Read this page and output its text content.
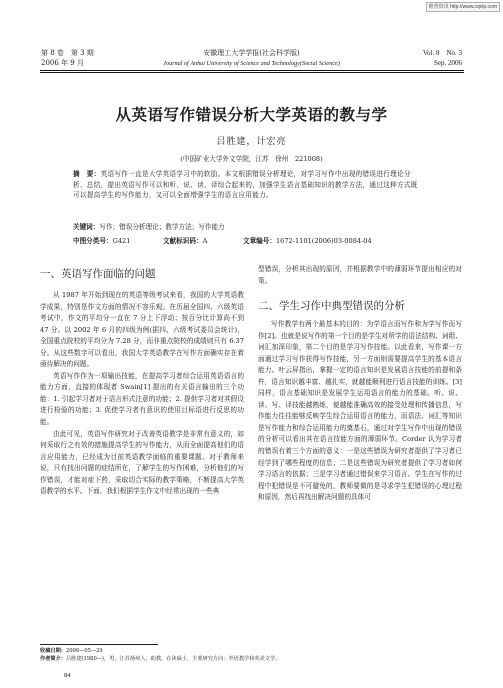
维普资讯 http://www.cqvip.com
第 8 卷　第 3 期
2006 年 9 月
安徽理工大学学报(社会科学版)
Journal of Anhui University of Science and Technology(Social Science)
Vol. 8　No. 3
Sep. 2006
从英语写作错误分析大学英语的教与学
吕胜建，计宏亮
(中国矿业大学外文学院，江苏　徐州　221008)
摘　要：英语写作一直是大学英语学习中的软肋。本文根据错误分析理论，对学习写作中出现的错误进行理论分析、总结，提出英语写作可以和听、说、读、译综合起来的，加强学生语言基础知识的教学方法，通过这种方式既可以提高学生的写作能力，又可以全面增强学生的语言应用能力。
关键词：写作；错误分析理论；教学方法；写作能力
中图分类号：G421	文献标识码：A	文章编号：1672-1101(2006)03-0084-04
一、英语写作面临的问题

从 1987 年开始到现在的英语等级考试来看，我国的大学英语教学成果，特别是作文方面的情况不容乐观。在历届全国四、六级英语考试中，作文的平均分一直在 7 分上下浮动；按百分比计算尚不到 47 分。以 2002 年 6 月的四级为例(据四、六级考试委员会统计)，全国重点院校的平均分为 7.28 分，而非重点院校的成绩则只有 6.37 分。从这些数字可以看出，我国大学英语教学在写作方面确实存在着亟待解决的问题。

英语写作作为一项输出技能，在提高学习者综合运用英语语言的能力方面，直接的体现者 Swain[1] 提出的有关语言输出的三个功能：1. 引起学习者对于语言形式注意的功能；2. 提供学习者对其假设进行检验的功能；3. 促使学习者有意识的使用目标语进行反思的功能。

由此可见，英语写作研究对于改善英语教学是非常有意义的，如何采取行之有效的措施提高学生的写作能力，从而全面提高他们的语言应用能力，已经成为目前英语教学面临的重要课题。对于教师来说，只有找出问题的症结所在，了解学生的写作困难，分析他们的写作错误，才能对症下药，采取切合实际的教学策略，不断提高大学英语教学的水平。下面，我们根据学生作文中经常出现的一些典

型错误，分析其出现的原因，并根据教学中的薄弱环节提出相应的对策。

二、学生习作中典型错误的分析

写作教学有两个最基本的目的：为学语言而写作和为学写作而写作[2]。也就是说写作的第一个目的是学生对所学的语法结构、词组、词汇加深印象，第二个目的是学习写作技能。以此看来，写作课一方面通过学习写作获得写作技能，另一方面则需要提高学生的基本语言能力。叶云屏指出，掌握一定的语言知识是发展语言技能的前提和条件，语言知识越丰富、越扎实，就越能顺利进行语言技能的训练。[3]同样，语言基础知识是发展学生运用语言的能力的基础。听、说、读、写、译技能越熟练，便越能准确高效的接受处理和传播信息，写作能力往往能够反映学生综合运用语言的能力，而语法、词汇等知识是写作能力和综合运用能力的奠基石，通过对学生写作中出现的错误的分析可以看出其在语言技能方面的薄弱环节。Corder 认为学习者的错误有着三个方面的意义：一是这些错误为研究者提供了学习者已经学到了哪些程度的信息；二是这些错误为研究者提供了学习者如何学习语言的依据；三是学习者通过错误来学习语言。学生在写作的过程中犯错误是不可避免的，教师要做的是寻求学生犯错误的心理过程和原因，然后再找出解决问题的具体可

收稿日期：2006—05—29
作者简介：吕胜建(1980—)，男，江苏扬州人，助教，在读硕士，主要研究方向：外语教学和英美文学。
84
